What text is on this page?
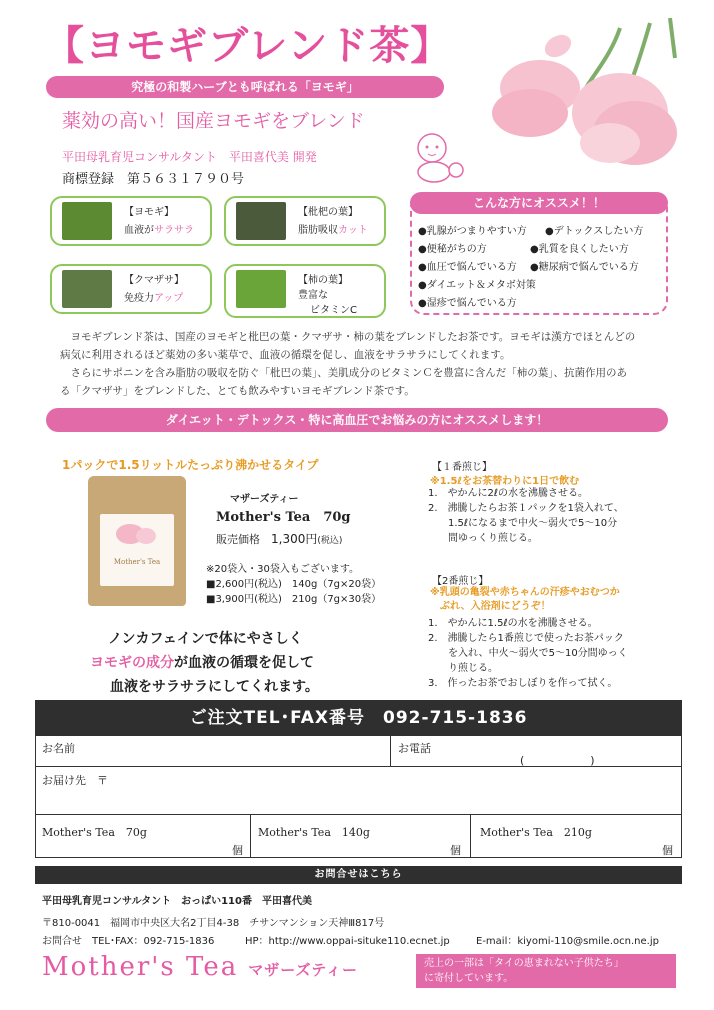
【ヨモギブレンド茶】
究極の和製ハーブとも呼ばれる「ヨモギ」
薬効の高い！国産ヨモギをブレンド
平田母乳育児コンサルタント　平田喜代美 開発
商標登録　第５６３１７９０号
【ヨモギ】
血液がサラサラ
【枇杷の葉】
脂肪吸収カット
【クマザサ】
免疫力アップ
【柿の葉】
豊富な
ビタミンC
こんな方にオススメ！！
●乳腺がつまりやすい方 ●デトックスしたい方
●便秘がちの方	●乳質を良くしたい方
●血圧で悩んでいる方 ●糖尿病で悩んでいる方
●ダイエット＆メタボ対策
●湿疹で悩んでいる方
　ヨモギブレンド茶は、国産のヨモギと枇巴の葉・クマザサ・柿の葉をブレンドしたお茶です。ヨモギは漢方でほとんどの
病気に利用されるほど薬効の多い薬草で、血液の循環を促し、血液をサラサラにしてくれます。
　さらにサポニンを含み脂肪の吸収を防ぐ「枇巴の葉」、美肌成分のビタミンＣを豊富に含んだ「柿の葉」、抗菌作用のあ
る「クマザサ」をブレンドした、とても飲みやすいヨモギブレンド茶です。
ダイエット・デトックス・特に高血圧でお悩みの方にオススメします！
1パックで1.5リットルたっぷり沸かせるタイプ
Mother's Tea
マザーズティー
Mother's Tea　70g
販売価格　1,300円(税込)
※20袋入・30袋入もございます。
■2,600円(税込)　140g（7g×20袋）
■3,900円(税込)　210g（7g×30袋）
ノンカフェインで体にやさしく
ヨモギの成分が血液の循環を促して
血液をサラサラにしてくれます。
【１番煎じ】
※1.5ℓをお茶替わりに1日で飲む
1.　やかんに2ℓの水を沸騰させる。
2.　沸騰したらお茶１パックを1袋入れて、
　　1.5ℓになるまで中火～弱火で5～10分
　　間ゆっくり煎じる。
【2番煎じ】
※乳頭の亀裂や赤ちゃんの汗疹やおむつか
　ぶれ、入浴剤にどうぞ！
1.　やかんに1.5ℓの水を沸騰させる。
2.　沸騰したら1番煎じで使ったお茶パック
　　を入れ、中火～弱火で5～10分間ゆっく
　　り煎じる。
3.　作ったお茶でおしぼりを作って拭く。
ご注文TEL･FAX番号　092-715-1836
お名前	お電話
(　　　　　　)
お届け先　〒
Mother's Tea　70g
個
Mother's Tea　140g
個
Mother's Tea　210g
個
お問合せはこちら
平田母乳育児コンサルタント　おっぱい110番　平田喜代美
〒810-0041　福岡市中央区大名2丁目4-38　チサンマンション天神Ⅲ817号
お問合せ　TEL･FAX：092-715-1836	HP：http://www.oppai-situke110.ecnet.jp	E-mail：kiyomi-110@smile.ocn.ne.jp
Mother's Tea マザーズティー	売上の一部は「タイの恵まれない子供たち」
に寄付しています。
